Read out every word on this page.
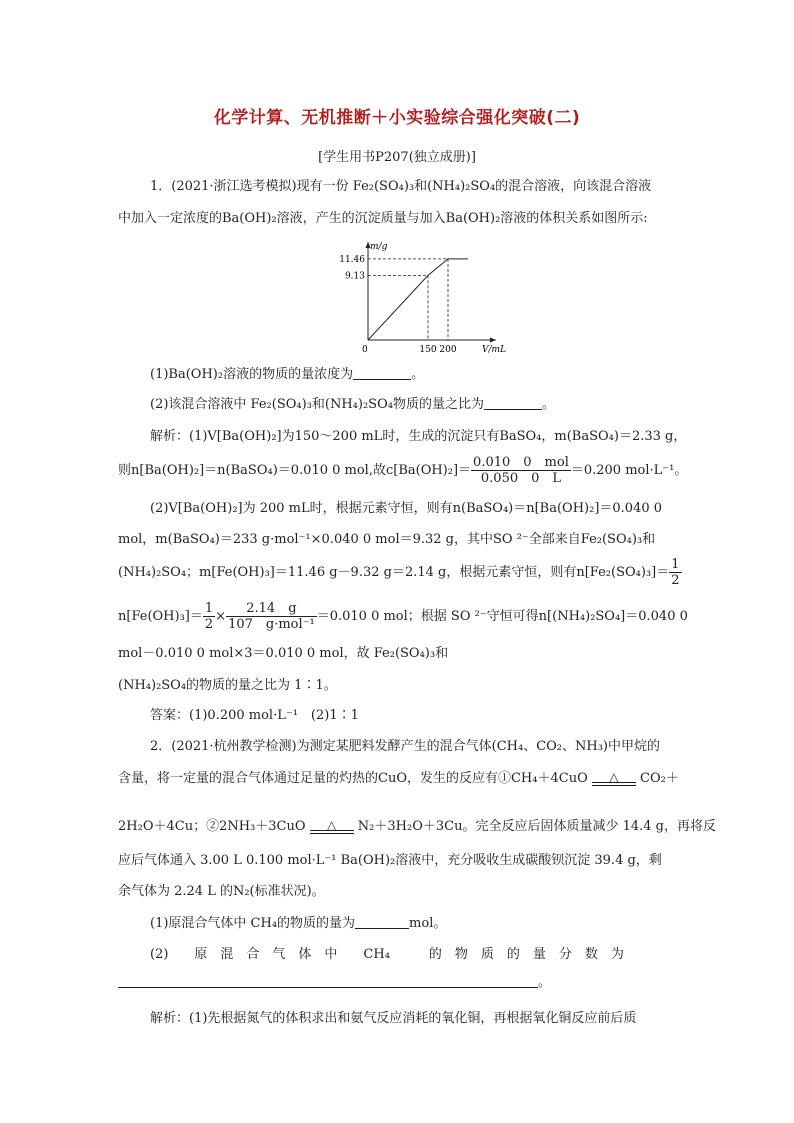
化学计算、无机推断＋小实验综合强化突破(二)
[学生用书P207(独立成册)]
1．(2021·浙江选考模拟)现有一份 Fe₂(SO₄)₃和(NH₄)₂SO₄的混合溶液，向该混合溶液
中加入一定浓度的Ba(OH)₂溶液，产生的沉淀质量与加入Ba(OH)₂溶液的体积关系如图所示:
m/g
V/mL
0	150
9.13
200
11.46
(1)Ba(OH)₂溶液的物质的量浓度为	。
(2)该混合溶液中 Fe₂(SO₄)₃和(NH₄)₂SO₄物质的量之比为	。
解析：(1)V[Ba(OH)₂]为150～200 mL时，生成的沉淀只有BaSO₄，m(BaSO₄)＝2.33 g，
则n[Ba(OH)₂]＝n(BaSO₄)＝0.010 0 mol,故$c[Ba(OH)_2]= \frac{\text{0.010　0　mol}}{0.050 0 L} =0.200$ mol·L⁻¹。
(2)V[Ba(OH)₂]为 200 mL时，根据元素守恒，则有n(BaSO₄)＝n[Ba(OH)₂]＝0.040 0
mol，m(BaSO₄)＝233 g·mol⁻¹×0.040 0 mol＝9.32 g，其中SO ²⁻全部来自Fe₂(SO₄)₃和
(NH₄)₂SO₄；m[Fe(OH)₃]＝11.46 g－9.32 g＝2.14 g，根据元素守恒，则有$n[Fe_2(SO_4)_3]= \frac{1}{2}$
$n[Fe(OH)_3]= \frac{1}{2} \times \frac{2.14 g}{\text{107　g·mol⁻¹}} =0.010$ 0 mol；根据 SO ²⁻守恒可得n[(NH₄)₂SO₄]＝0.040 0
mol－0.010 0 mol×3＝0.010 0 mol，故 Fe₂(SO₄)₃和
(NH₄)₂SO₄的物质的量之比为 1∶1。
答案：(1)0.200 mol·L⁻¹　(2)1∶1
2．(2021·杭州教学检测)为测定某肥料发酵产生的混合气体(CH₄、CO₂、NH₃)中甲烷的
含量，将一定量的混合气体通过足量的灼热的CuO，发生的反应有①CH₄＋4CuO	△	CO₂＋
2H₂O＋4Cu；②2NH₃＋3CuO	△	N₂＋3H₂O＋3Cu。完全反应后固体质量减少 14.4 g，再将反
应后气体通入 3.00 L 0.100 mol·L⁻¹ Ba(OH)₂溶液中，充分吸收生成碳酸钡沉淀 39.4 g，剩
余气体为 2.24 L 的N₂(标准状况)。
(1)原混合气体中 CH₄的物质的量为	mol。
(2)　　原　混　合　气　体　中　　CH₄　　　的　物　质　的　量　分　数　为
。
解析：(1)先根据氮气的体积求出和氨气反应消耗的氧化铜，再根据氧化铜反应前后质
